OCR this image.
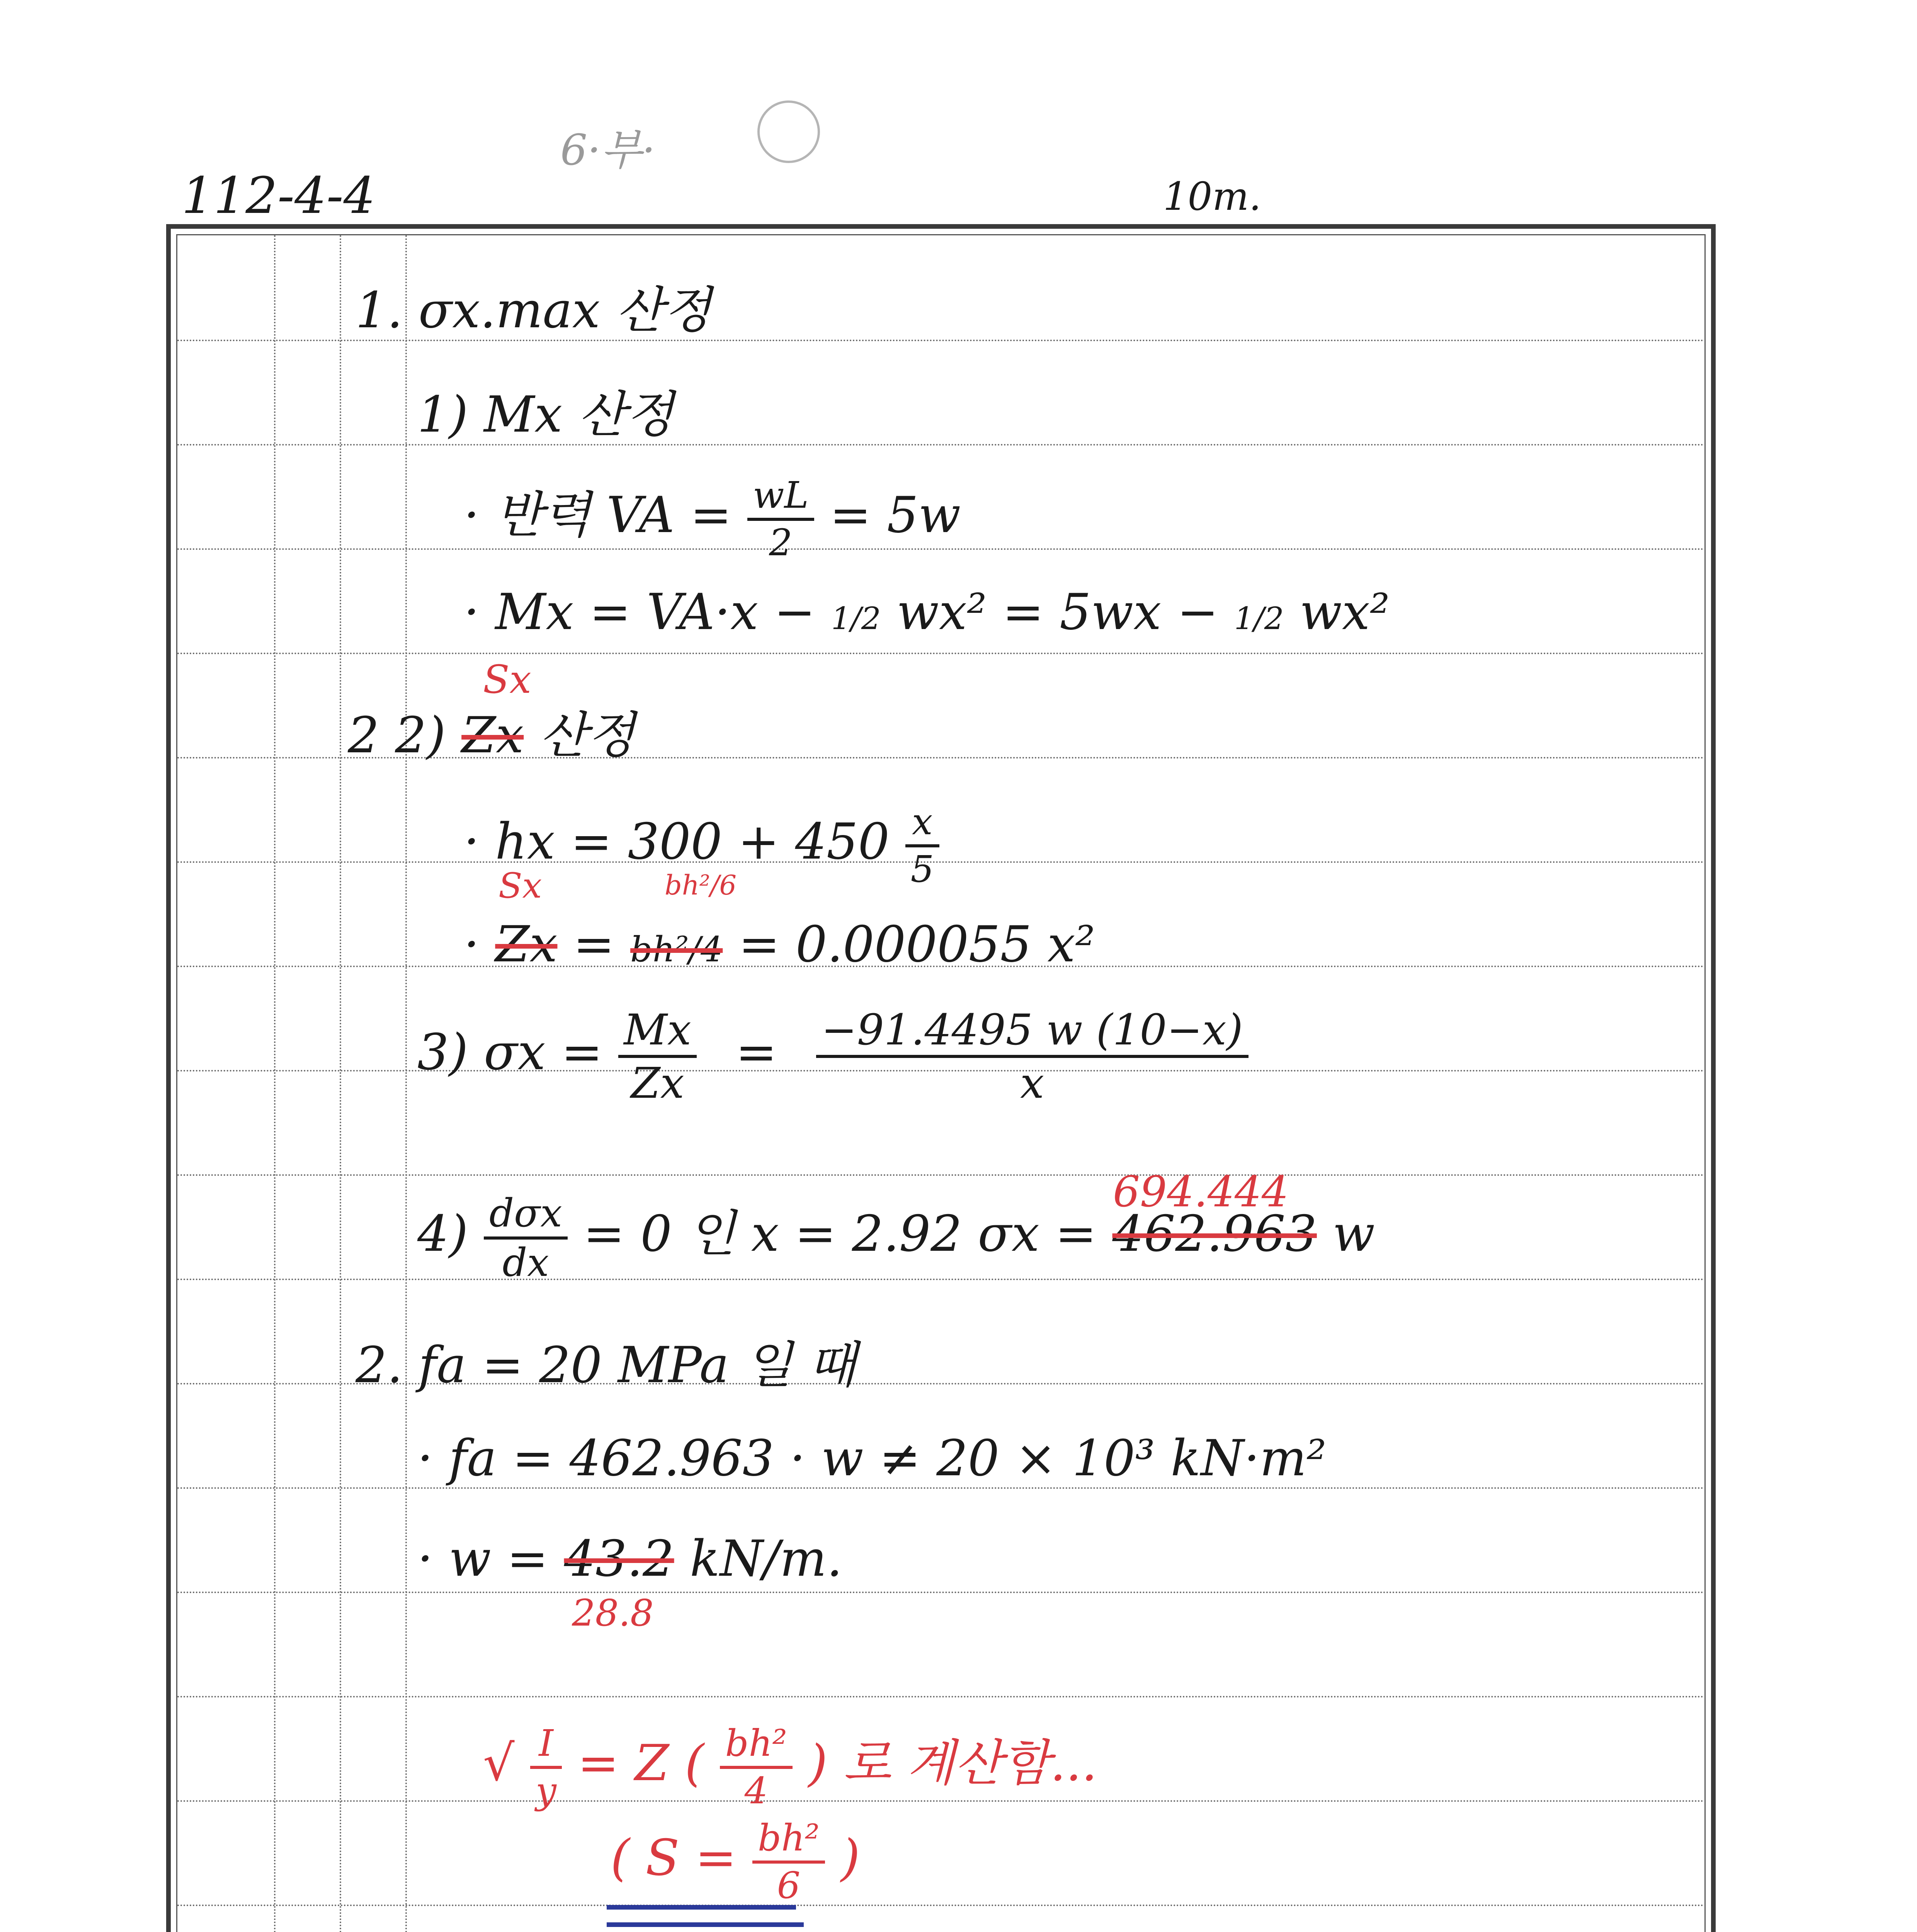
112-4-4
6·부·
10m.
1. σx.max 산정
1) Mx 산정
· 반력 VA = $\frac{wL}{2} = 5w$
· Mx = VA·x − 1/2 wx² = 5wx − 1/2 wx²
Sx
2 2) Zx 산정
· hx = $300 + 450 \frac{x}{5}$
Sx	bh²/6
· Zx = bh²/4 = 0.000055 x²
3) $\sigma x = \frac{Mx}{Zx} = \frac{-91.4495 w (10-x)}{x}$
694.444
$4) \frac{\text{dσx}}{dx} = 0$ 인 x = 2.92 σx = 462.963 w
2. fa = 20 MPa 일 때
· fa = 462.963 · w ≠ 20 × 10³ kN·m²
· w = 43.2 kN/m.
28.8
√ $\frac{I}{y} = Z$ ( $\frac{\text{bh²}}{4}$ ) 로 계산함...
( $S = \frac{\text{bh²}}{6}$ )
